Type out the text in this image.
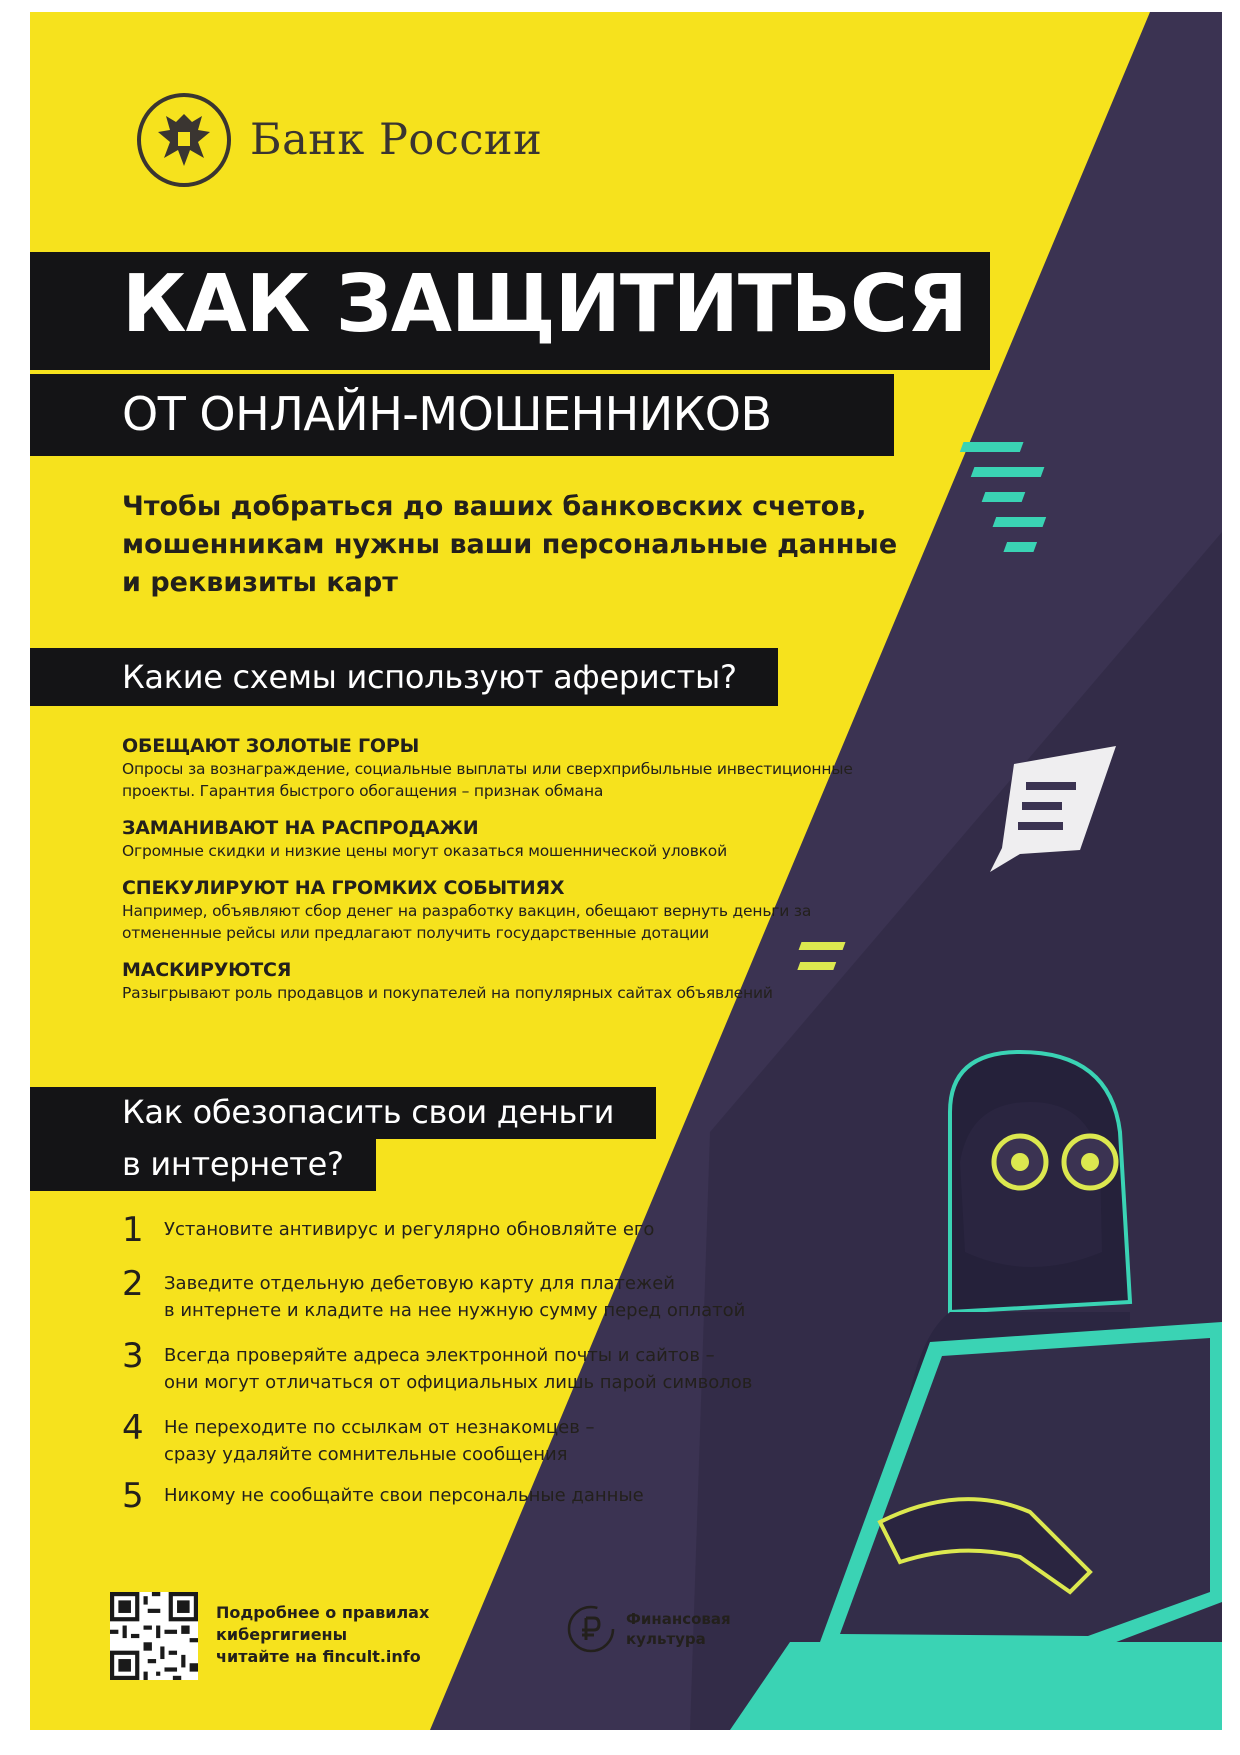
Банк России
КАК ЗАЩИТИТЬСЯ
ОТ ОНЛАЙН-МОШЕННИКОВ
Чтобы добраться до ваших банковских счетов,
мошенникам нужны ваши персональные данные
и реквизиты карт
Какие схемы используют аферисты?
ОБЕЩАЮТ ЗОЛОТЫЕ ГОРЫ
Опросы за вознаграждение, социальные выплаты или сверхприбыльные инвестиционные проекты. Гарантия быстрого обогащения – признак обмана
ЗАМАНИВАЮТ НА РАСПРОДАЖИ
Огромные скидки и низкие цены могут оказаться мошеннической уловкой
СПЕКУЛИРУЮТ НА ГРОМКИХ СОБЫТИЯХ
Например, объявляют сбор денег на разработку вакцин, обещают вернуть деньги за отмененные рейсы или предлагают получить государственные дотации
МАСКИРУЮТСЯ
Разыгрывают роль продавцов и покупателей на популярных сайтах объявлений
Как обезопасить свои деньги
в интернете?
1	Установите антивирус и регулярно обновляйте его
2	Заведите отдельную дебетовую карту для платежей
в интернете и кладите на нее нужную сумму перед оплатой
3	Всегда проверяйте адреса электронной почты и сайтов –
они могут отличаться от официальных лишь парой символов
4	Не переходите по ссылкам от незнакомцев –
сразу удаляйте сомнительные сообщения
5	Никому не сообщайте свои персональные данные
Подробнее о правилах
кибергигиены
читайте на fincult.info
Финансовая
культура
